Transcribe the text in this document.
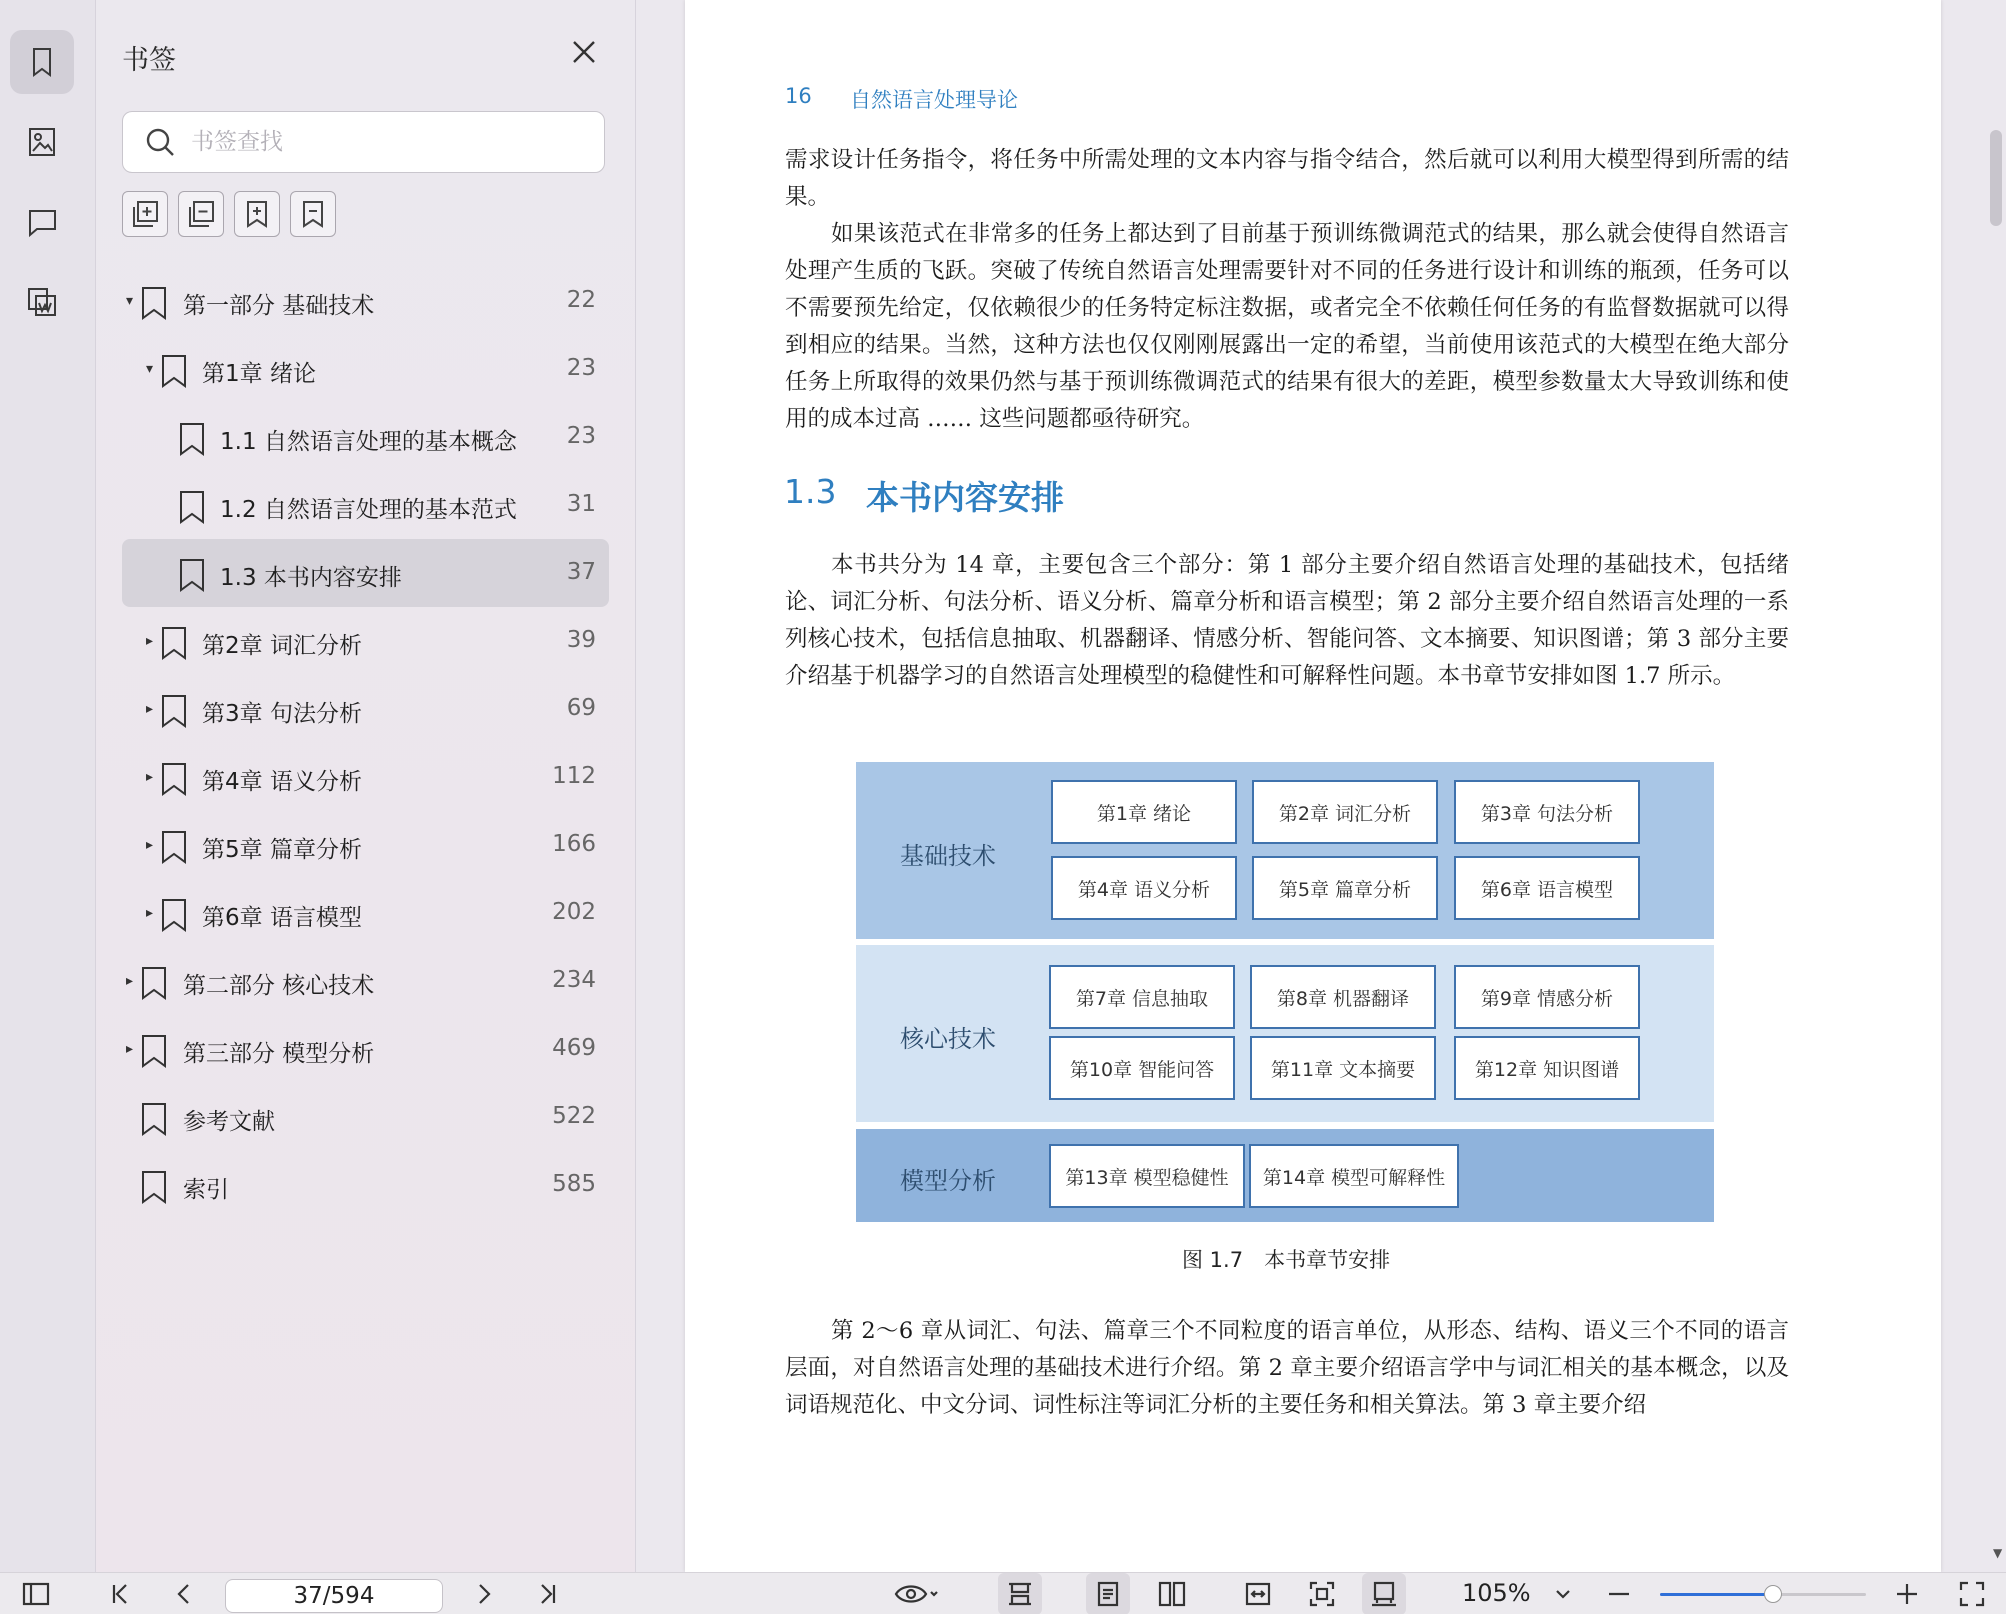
书签
书签查找
▾	第一部分 基础技术	22
▾	第1章 绪论	23
1.1 自然语言处理的基本概念 23
1.2 自然语言处理的基本范式 31
1.3 本书内容安排	37
▸	第2章 词汇分析	39
▸	第3章 句法分析	69
▸	第4章 语义分析	112
▸	第5章 篇章分析	166
▸	第6章 语言模型	202
▸	第二部分 核心技术	234
▸	第三部分 模型分析	469
参考文献	522
索引	585
▼
16 自然语言处理导论
需求设计任务指令，将任务中所需处理的文本内容与指令结合，然后就可以利用大模型得到所需的结果。
如果该范式在非常多的任务上都达到了目前基于预训练微调范式的结果，那么就会使得自然语言处理产生质的飞跃。突破了传统自然语言处理需要针对不同的任务进行设计和训练的瓶颈，任务可以不需要预先给定，仅依赖很少的任务特定标注数据，或者完全不依赖任何任务的有监督数据就可以得到相应的结果。当然，这种方法也仅仅刚刚展露出一定的希望，当前使用该范式的大模型在绝大部分任务上所取得的效果仍然与基于预训练微调范式的结果有很大的差距，模型参数量太大导致训练和使用的成本过高 …… 这些问题都亟待研究。
1.3 本书内容安排
本书共分为 14 章，主要包含三个部分：第 1 部分主要介绍自然语言处理的基础技术，包括绪论、词汇分析、句法分析、语义分析、篇章分析和语言模型；第 2 部分主要介绍自然语言处理的一系列核心技术，包括信息抽取、机器翻译、情感分析、智能问答、文本摘要、知识图谱；第 3 部分主要介绍基于机器学习的自然语言处理模型的稳健性和可解释性问题。本书章节安排如图 1.7 所示。
基础技术
核心技术
模型分析
第1章 绪论	第2章 词汇分析	第3章 句法分析
第4章 语义分析	第5章 篇章分析	第6章 语言模型
第7章 信息抽取	第8章 机器翻译	第9章 情感分析
第10章 智能问答	第11章 文本摘要	第12章 知识图谱
第13章 模型稳健性	第14章 模型可解释性
图 1.7　本书章节安排
第 2～6 章从词汇、句法、篇章三个不同粒度的语言单位，从形态、结构、语义三个不同的语言层面，对自然语言处理的基础技术进行介绍。第 2 章主要介绍语言学中与词汇相关的基本概念，以及词语规范化、中文分词、词性标注等词汇分析的主要任务和相关算法。第 3 章主要介绍
37/594	105%
